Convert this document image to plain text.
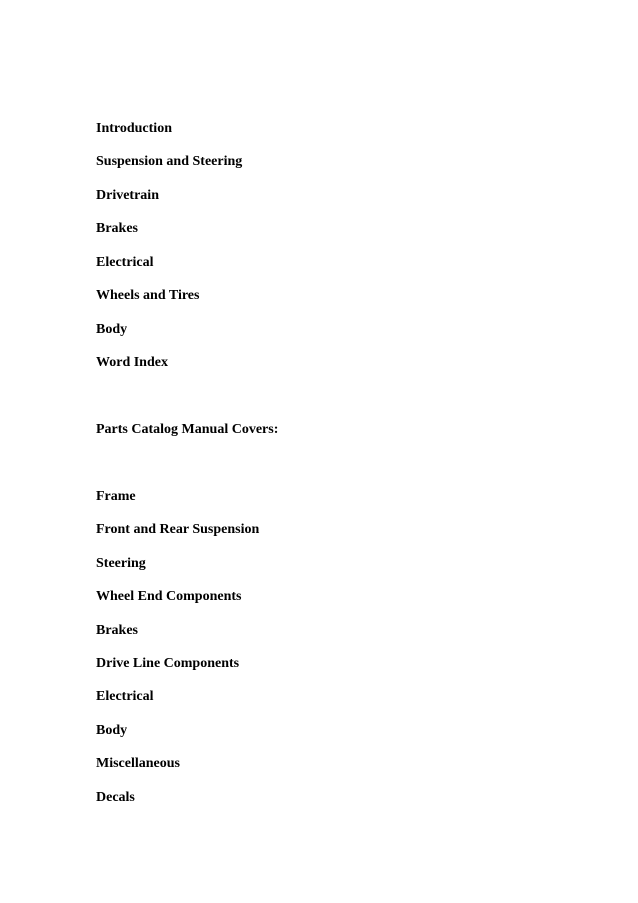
Introduction
Suspension and Steering
Drivetrain
Brakes
Electrical
Wheels and Tires
Body
Word Index
Parts Catalog Manual Covers:
Frame
Front and Rear Suspension
Steering
Wheel End Components
Brakes
Drive Line Components
Electrical
Body
Miscellaneous
Decals
